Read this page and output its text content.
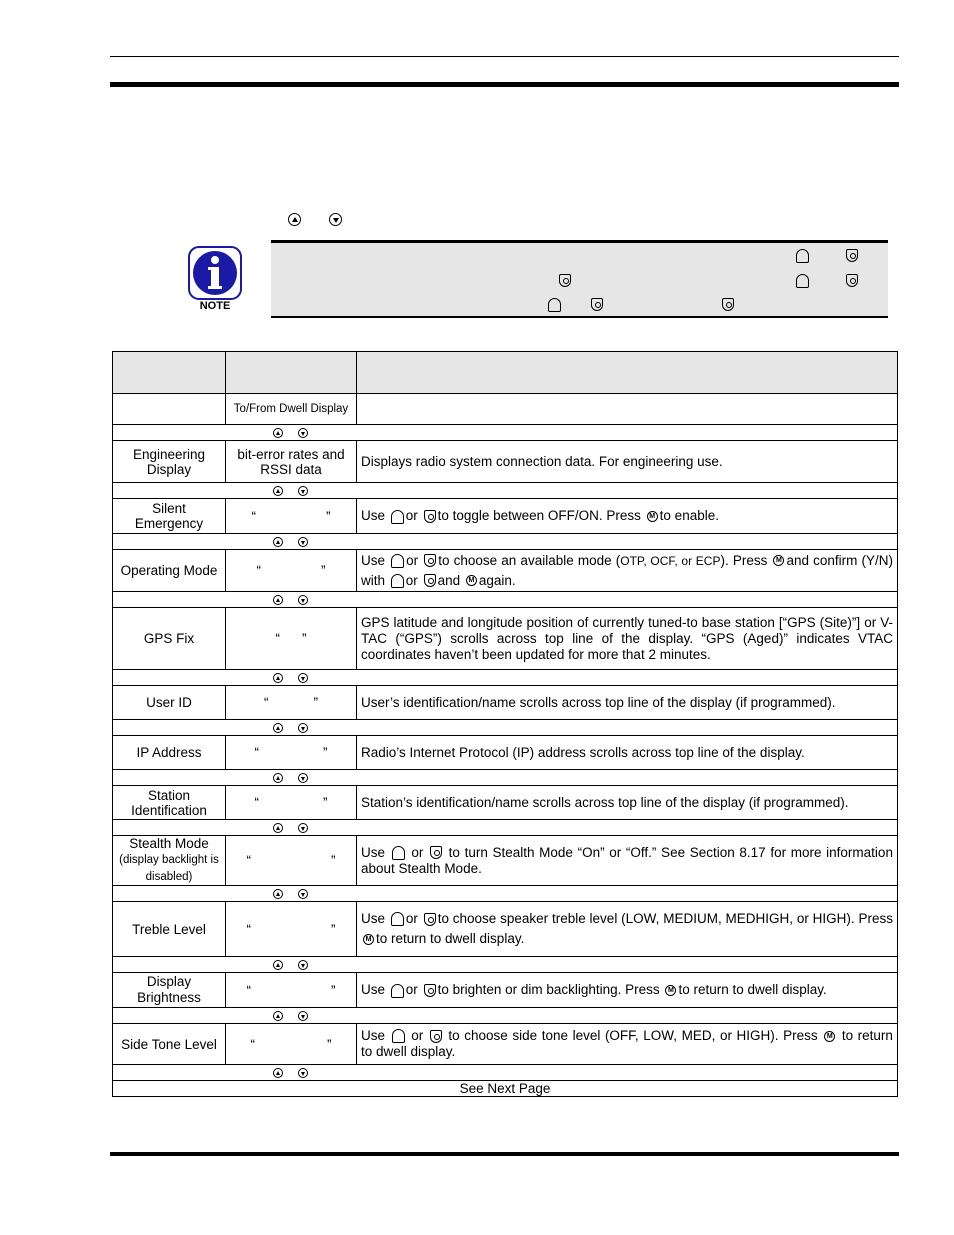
NOTE

	To/From Dwell Display	

Engineering Display	bit-error rates and RSSI data	Displays radio system connection data. For engineering use.

Silent Emergency	“ ”	Use or to toggle between OFF/ON. Press M to enable.

Operating Mode	“ ”	Use or to choose an available mode (OTP, OCF, or ECP). Press M and confirm (Y/N) with or and M again.

GPS Fix	“ ”	GPS latitude and longitude position of currently tuned-to base station [“GPS (Site)”] or V-TAC (“GPS”) scrolls across top line of the display. “GPS (Aged)” indicates VTAC coordinates haven’t been updated for more that 2 minutes.

User ID	“ ”	User’s identification/name scrolls across top line of the display (if programmed).

IP Address	“ ”	Radio’s Internet Protocol (IP) address scrolls across top line of the display.

Station Identification	“ ”	Station’s identification/name scrolls across top line of the display (if programmed).

Stealth Mode
(display backlight is disabled)	“ ”	Use or to turn Stealth Mode “On” or “Off.” See Section 8.17 for more information about Stealth Mode.

Treble Level	“ ”	Use or to choose speaker treble level (LOW, MEDIUM, MEDHIGH, or HIGH). Press M to return to dwell display.

Display Brightness	“ ”	Use or to brighten or dim backlighting. Press M to return to dwell display.

Side Tone Level	“ ”	Use or to choose side tone level (OFF, LOW, MED, or HIGH). Press M to return to dwell display.

See Next Page		
